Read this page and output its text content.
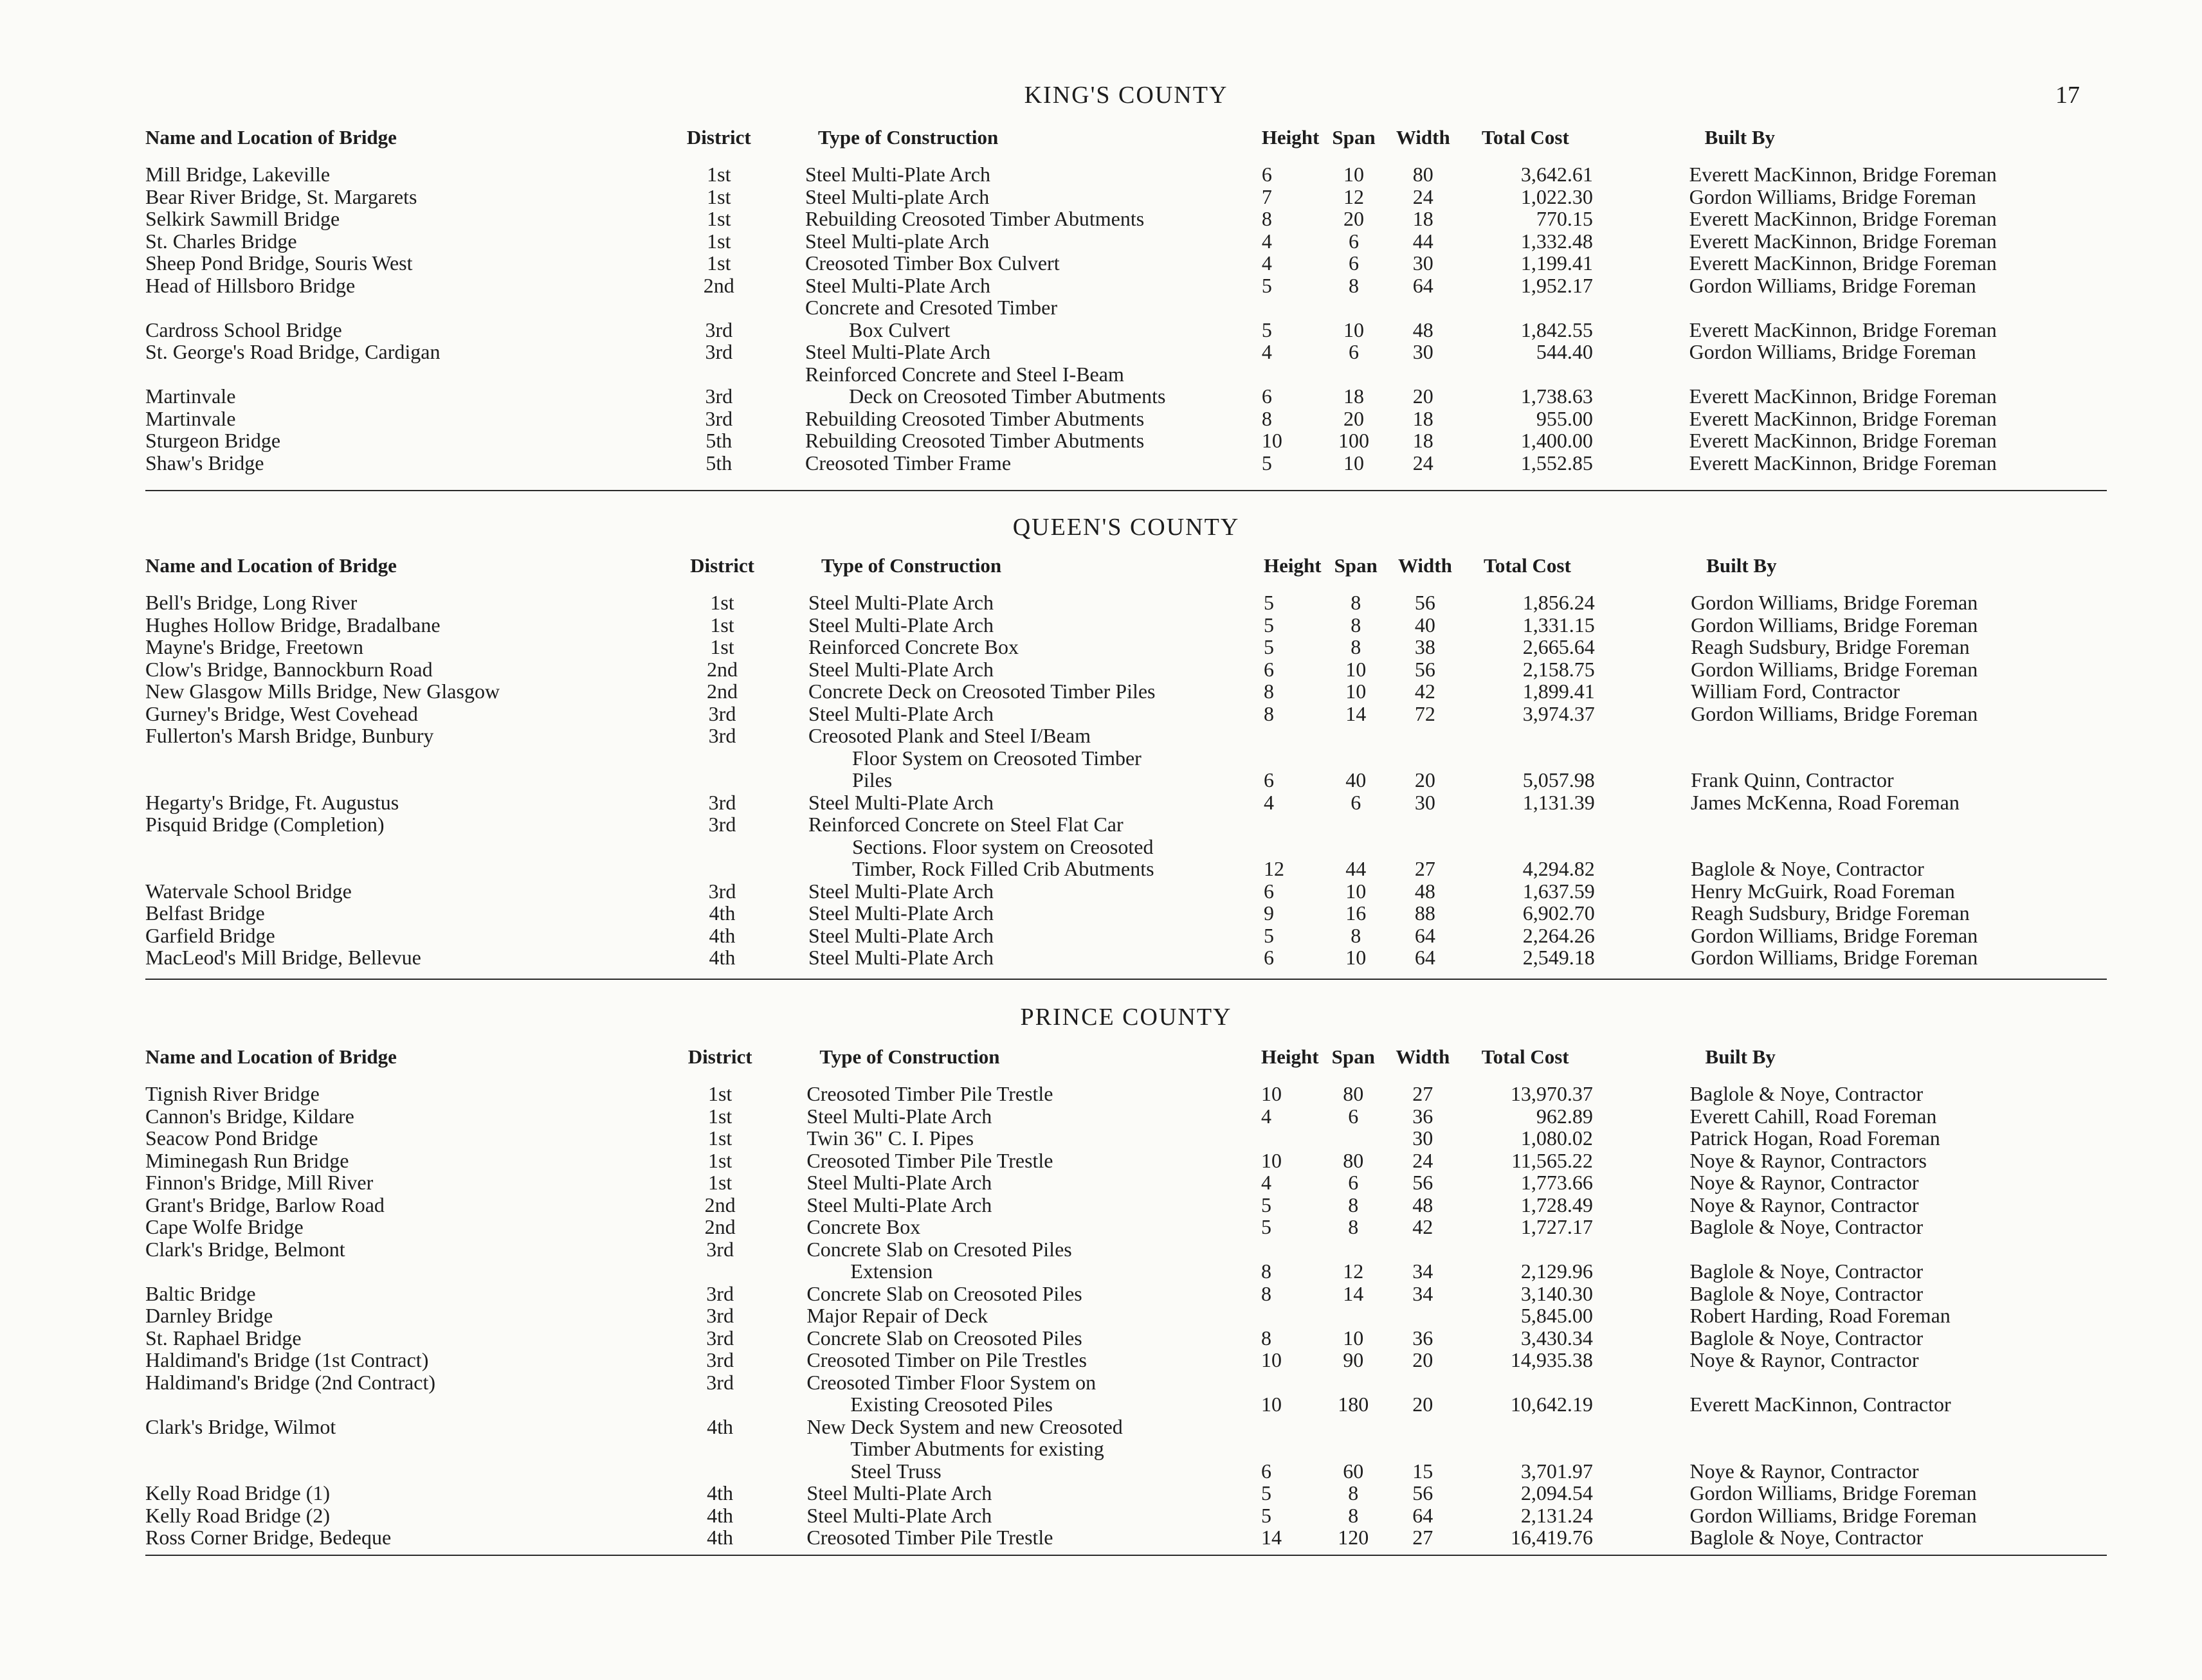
17
KING'S COUNTY
Name and Location of Bridge	District	Type of Construction	Height	Span	Width	Total Cost		Built By
Mill Bridge, Lakeville	1st	Steel Multi-Plate Arch	6	10	80	3,642.61		Everett MacKinnon, Bridge Foreman
Bear River Bridge, St. Margarets	1st	Steel Multi-plate Arch	7	12	24	1,022.30		Gordon Williams, Bridge Foreman
Selkirk Sawmill Bridge	1st	Rebuilding Creosoted Timber Abutments	8	20	18	770.15		Everett MacKinnon, Bridge Foreman
St. Charles Bridge	1st	Steel Multi-plate Arch	4	6	44	1,332.48		Everett MacKinnon, Bridge Foreman
Sheep Pond Bridge, Souris West	1st	Creosoted Timber Box Culvert	4	6	30	1,199.41		Everett MacKinnon, Bridge Foreman
Head of Hillsboro Bridge	2nd	Steel Multi-Plate Arch	5	8	64	1,952.17		Gordon Williams, Bridge Foreman
Cardross School Bridge	3rd	Concrete and Cresoted Timber
Box Culvert	5	10	48	1,842.55		Everett MacKinnon, Bridge Foreman
St. George's Road Bridge, Cardigan	3rd	Steel Multi-Plate Arch	4	6	30	544.40		Gordon Williams, Bridge Foreman
Martinvale	3rd	Reinforced Concrete and Steel I-Beam
Deck on Creosoted Timber Abutments	6	18	20	1,738.63		Everett MacKinnon, Bridge Foreman
Martinvale	3rd	Rebuilding Creosoted Timber Abutments	8	20	18	955.00		Everett MacKinnon, Bridge Foreman
Sturgeon Bridge	5th	Rebuilding Creosoted Timber Abutments	10	100	18	1,400.00		Everett MacKinnon, Bridge Foreman
Shaw's Bridge	5th	Creosoted Timber Frame	5	10	24	1,552.85		Everett MacKinnon, Bridge Foreman
QUEEN'S COUNTY
Name and Location of Bridge	District	Type of Construction	Height	Span	Width	Total Cost		Built By
Bell's Bridge, Long River	1st	Steel Multi-Plate Arch	5	8	56	1,856.24		Gordon Williams, Bridge Foreman
Hughes Hollow Bridge, Bradalbane	1st	Steel Multi-Plate Arch	5	8	40	1,331.15		Gordon Williams, Bridge Foreman
Mayne's Bridge, Freetown	1st	Reinforced Concrete Box	5	8	38	2,665.64		Reagh Sudsbury, Bridge Foreman
Clow's Bridge, Bannockburn Road	2nd	Steel Multi-Plate Arch	6	10	56	2,158.75		Gordon Williams, Bridge Foreman
New Glasgow Mills Bridge, New Glasgow	2nd	Concrete Deck on Creosoted Timber Piles	8	10	42	1,899.41		William Ford, Contractor
Gurney's Bridge, West Covehead	3rd	Steel Multi-Plate Arch	8	14	72	3,974.37		Gordon Williams, Bridge Foreman
Fullerton's Marsh Bridge, Bunbury	3rd	Creosoted Plank and Steel I/Beam
Floor System on Creosoted Timber
Piles	6	40	20	5,057.98		Frank Quinn, Contractor
Hegarty's Bridge, Ft. Augustus	3rd	Steel Multi-Plate Arch	4	6	30	1,131.39		James McKenna, Road Foreman
Pisquid Bridge (Completion)	3rd	Reinforced Concrete on Steel Flat Car
Sections. Floor system on Creosoted
Timber, Rock Filled Crib Abutments	12	44	27	4,294.82		Baglole & Noye, Contractor
Watervale School Bridge	3rd	Steel Multi-Plate Arch	6	10	48	1,637.59		Henry McGuirk, Road Foreman
Belfast Bridge	4th	Steel Multi-Plate Arch	9	16	88	6,902.70		Reagh Sudsbury, Bridge Foreman
Garfield Bridge	4th	Steel Multi-Plate Arch	5	8	64	2,264.26		Gordon Williams, Bridge Foreman
MacLeod's Mill Bridge, Bellevue	4th	Steel Multi-Plate Arch	6	10	64	2,549.18		Gordon Williams, Bridge Foreman
PRINCE COUNTY
Name and Location of Bridge	District	Type of Construction	Height	Span	Width	Total Cost		Built By
Tignish River Bridge	1st	Creosoted Timber Pile Trestle	10	80	27	13,970.37		Baglole & Noye, Contractor
Cannon's Bridge, Kildare	1st	Steel Multi-Plate Arch	4	6	36	962.89		Everett Cahill, Road Foreman
Seacow Pond Bridge	1st	Twin 36" C. I. Pipes			30	1,080.02		Patrick Hogan, Road Foreman
Miminegash Run Bridge	1st	Creosoted Timber Pile Trestle	10	80	24	11,565.22		Noye & Raynor, Contractors
Finnon's Bridge, Mill River	1st	Steel Multi-Plate Arch	4	6	56	1,773.66		Noye & Raynor, Contractor
Grant's Bridge, Barlow Road	2nd	Steel Multi-Plate Arch	5	8	48	1,728.49		Noye & Raynor, Contractor
Cape Wolfe Bridge	2nd	Concrete Box	5	8	42	1,727.17		Baglole & Noye, Contractor
Clark's Bridge, Belmont	3rd	Concrete Slab on Cresoted Piles
Extension	8	12	34	2,129.96		Baglole & Noye, Contractor
Baltic Bridge	3rd	Concrete Slab on Creosoted Piles	8	14	34	3,140.30		Baglole & Noye, Contractor
Darnley Bridge	3rd	Major Repair of Deck				5,845.00		Robert Harding, Road Foreman
St. Raphael Bridge	3rd	Concrete Slab on Creosoted Piles	8	10	36	3,430.34		Baglole & Noye, Contractor
Haldimand's Bridge (1st Contract)	3rd	Creosoted Timber on Pile Trestles	10	90	20	14,935.38		Noye & Raynor, Contractor
Haldimand's Bridge (2nd Contract)	3rd	Creosoted Timber Floor System on
Existing Creosoted Piles	10	180	20	10,642.19		Everett MacKinnon, Contractor
Clark's Bridge, Wilmot	4th	New Deck System and new Creosoted
Timber Abutments for existing
Steel Truss	6	60	15	3,701.97		Noye & Raynor, Contractor
Kelly Road Bridge (1)	4th	Steel Multi-Plate Arch	5	8	56	2,094.54		Gordon Williams, Bridge Foreman
Kelly Road Bridge (2)	4th	Steel Multi-Plate Arch	5	8	64	2,131.24		Gordon Williams, Bridge Foreman
Ross Corner Bridge, Bedeque	4th	Creosoted Timber Pile Trestle	14	120	27	16,419.76		Baglole & Noye, Contractor
